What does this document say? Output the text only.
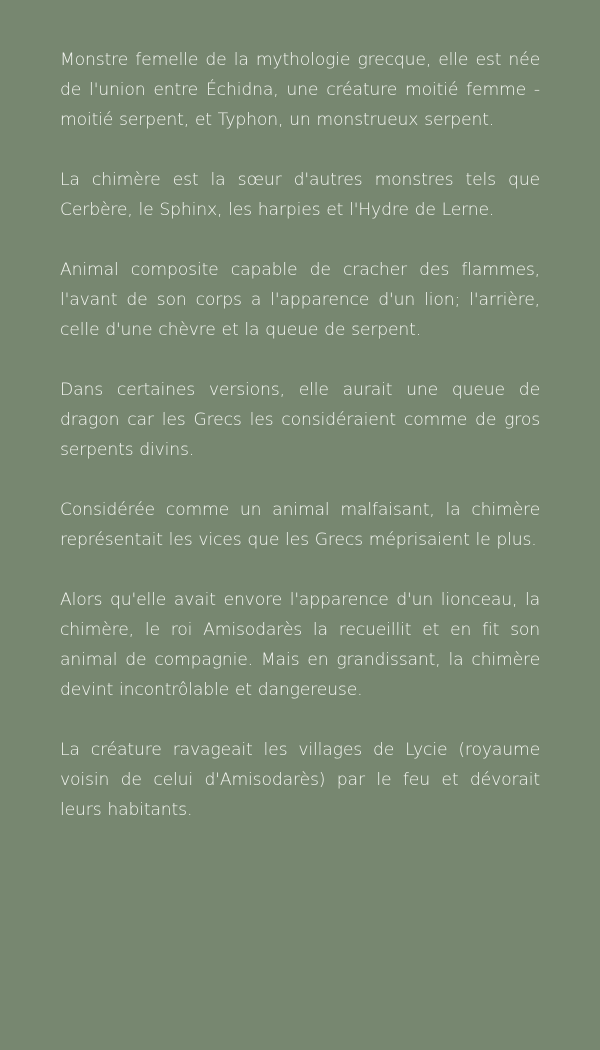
Monstre femelle de la mythologie grecque, elle est née de l'union entre Échidna, une créature moitié femme - moitié serpent, et Typhon, un monstrueux serpent.

La chimère est la sœur d'autres monstres tels que Cerbère, le Sphinx, les harpies et l'Hydre de Lerne.

Animal composite capable de cracher des flammes, l'avant de son corps a l'apparence d'un lion; l'arrière, celle d'une chèvre et la queue de serpent.

Dans certaines versions, elle aurait une queue de dragon car les Grecs les considéraient comme de gros serpents divins.

Considérée comme un animal malfaisant, la chimère représentait les vices que les Grecs méprisaient le plus.

Alors qu'elle avait envore l'apparence d'un lionceau, la chimère, le roi Amisodarès la recueillit et en fit son animal de compagnie. Mais en grandissant, la chimère devint incontrôlable et dangereuse.

La créature ravageait les villages de Lycie (royaume voisin de celui d'Amisodarès) par le feu et dévorait leurs habitants.
